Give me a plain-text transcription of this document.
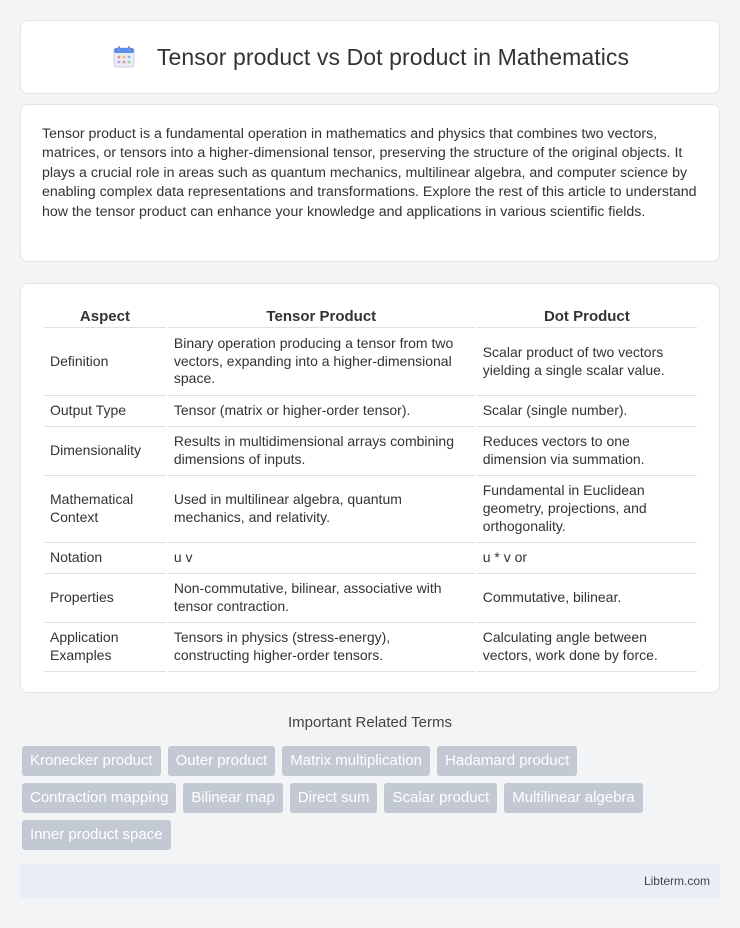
Tensor product vs Dot product in Mathematics

Tensor product is a fundamental operation in mathematics and physics that combines two vectors, matrices, or tensors into a higher-dimensional tensor, preserving the structure of the original objects. It plays a crucial role in areas such as quantum mechanics, multilinear algebra, and computer science by enabling complex data representations and transformations. Explore the rest of this article to understand how the tensor product can enhance your knowledge and applications in various scientific fields.

Aspect	Tensor Product	Dot Product
Definition	Binary operation producing a tensor from two vectors, expanding into a higher-dimensional space.	Scalar product of two vectors yielding a single scalar value.
Output Type	Tensor (matrix or higher-order tensor).	Scalar (single number).
Dimensionality	Results in multidimensional arrays combining dimensions of inputs.	Reduces vectors to one dimension via summation.
Mathematical Context	Used in multilinear algebra, quantum mechanics, and relativity.	Fundamental in Euclidean geometry, projections, and orthogonality.
Notation	u v	u * v or
Properties	Non-commutative, bilinear, associative with tensor contraction.	Commutative, bilinear.
Application Examples	Tensors in physics (stress-energy), constructing higher-order tensors.	Calculating angle between vectors, work done by force.
Important Related Terms
Kronecker product	Outer product	Matrix multiplication	Hadamard product
Contraction mapping	Bilinear map	Direct sum	Scalar product	Multilinear algebra
Inner product space
Libterm.com
